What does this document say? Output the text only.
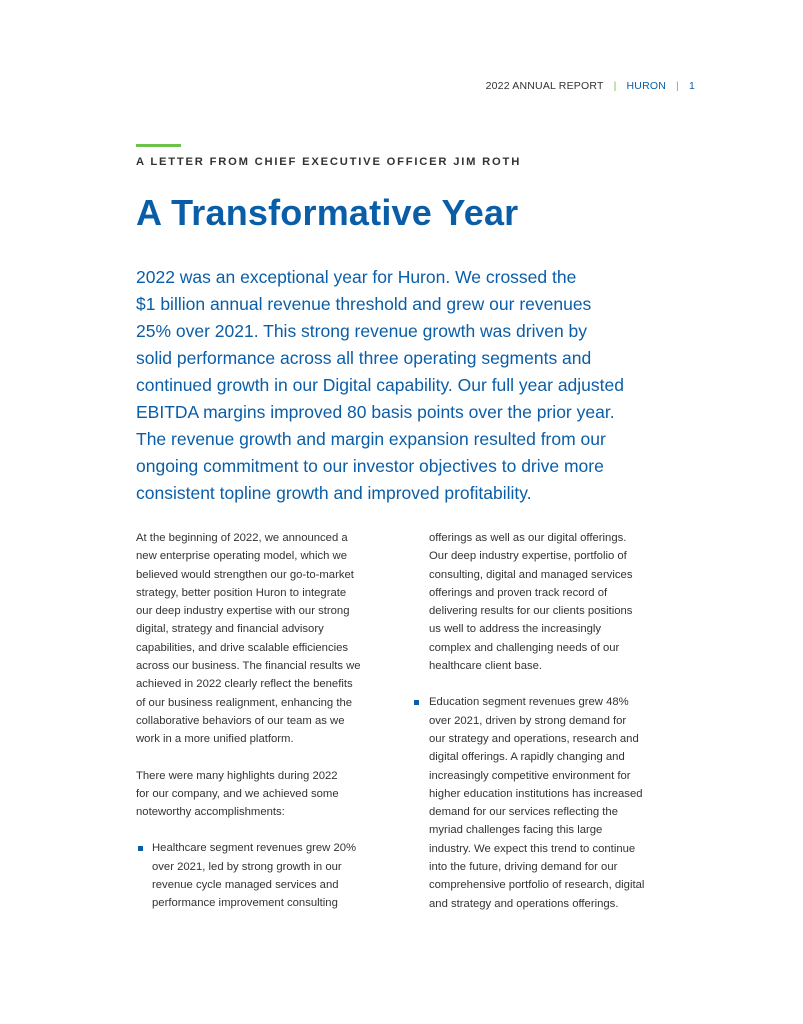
2022 ANNUAL REPORT | HURON | 1
A LETTER FROM CHIEF EXECUTIVE OFFICER JIM ROTH
A Transformative Year
2022 was an exceptional year for Huron. We crossed the
$1 billion annual revenue threshold and grew our revenues
25% over 2021. This strong revenue growth was driven by
solid performance across all three operating segments and
continued growth in our Digital capability. Our full year adjusted
EBITDA margins improved 80 basis points over the prior year.
The revenue growth and margin expansion resulted from our
ongoing commitment to our investor objectives to drive more
consistent topline growth and improved profitability.
At the beginning of 2022, we announced a
new enterprise operating model, which we
believed would strengthen our go-to-market
strategy, better position Huron to integrate
our deep industry expertise with our strong
digital, strategy and financial advisory
capabilities, and drive scalable efficiencies
across our business. The financial results we
achieved in 2022 clearly reflect the benefits
of our business realignment, enhancing the
collaborative behaviors of our team as we
work in a more unified platform.
There were many highlights during 2022
for our company, and we achieved some
noteworthy accomplishments:
Healthcare segment revenues grew 20%
over 2021, led by strong growth in our
revenue cycle managed services and
performance improvement consulting
offerings as well as our digital offerings.
Our deep industry expertise, portfolio of
consulting, digital and managed services
offerings and proven track record of
delivering results for our clients positions
us well to address the increasingly
complex and challenging needs of our
healthcare client base.
Education segment revenues grew 48%
over 2021, driven by strong demand for
our strategy and operations, research and
digital offerings. A rapidly changing and
increasingly competitive environment for
higher education institutions has increased
demand for our services reflecting the
myriad challenges facing this large
industry. We expect this trend to continue
into the future, driving demand for our
comprehensive portfolio of research, digital
and strategy and operations offerings.
